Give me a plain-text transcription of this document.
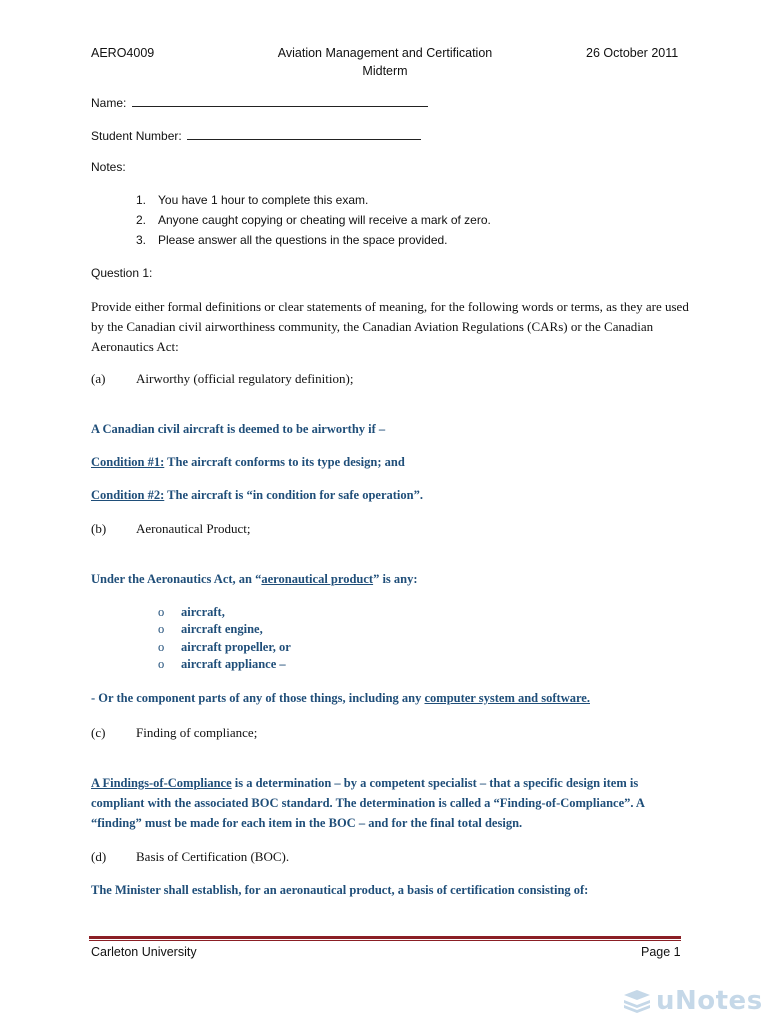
AERO4009	Aviation Management and Certification
Midterm
26 October 2011
Name:
Student Number:
Notes:
1. You have 1 hour to complete this exam.
2. Anyone caught copying or cheating will receive a mark of zero.
3. Please answer all the questions in the space provided.
Question 1:
Provide either formal definitions or clear statements of meaning, for the following words or terms, as they are used by the Canadian civil airworthiness community, the Canadian Aviation Regulations (CARs) or the Canadian Aeronautics Act:
(a) Airworthy (official regulatory definition);
A Canadian civil aircraft is deemed to be airworthy if –
Condition #1: The aircraft conforms to its type design; and
Condition #2: The aircraft is “in condition for safe operation”.
(b) Aeronautical Product;
Under the Aeronautics Act, an “aeronautical product” is any:
o aircraft,
o aircraft engine,
o aircraft propeller, or
o aircraft appliance –
- Or the component parts of any of those things, including any computer system and software.
(c) Finding of compliance;
A Findings-of-Compliance is a determination – by a competent specialist – that a specific design item is compliant with the associated BOC standard. The determination is called a “Finding-of-Compliance”. A “finding” must be made for each item in the BOC – and for the final total design.
(d) Basis of Certification (BOC).
The Minister shall establish, for an aeronautical product, a basis of certification consisting of:
Carleton University	Page 1
uNotes
